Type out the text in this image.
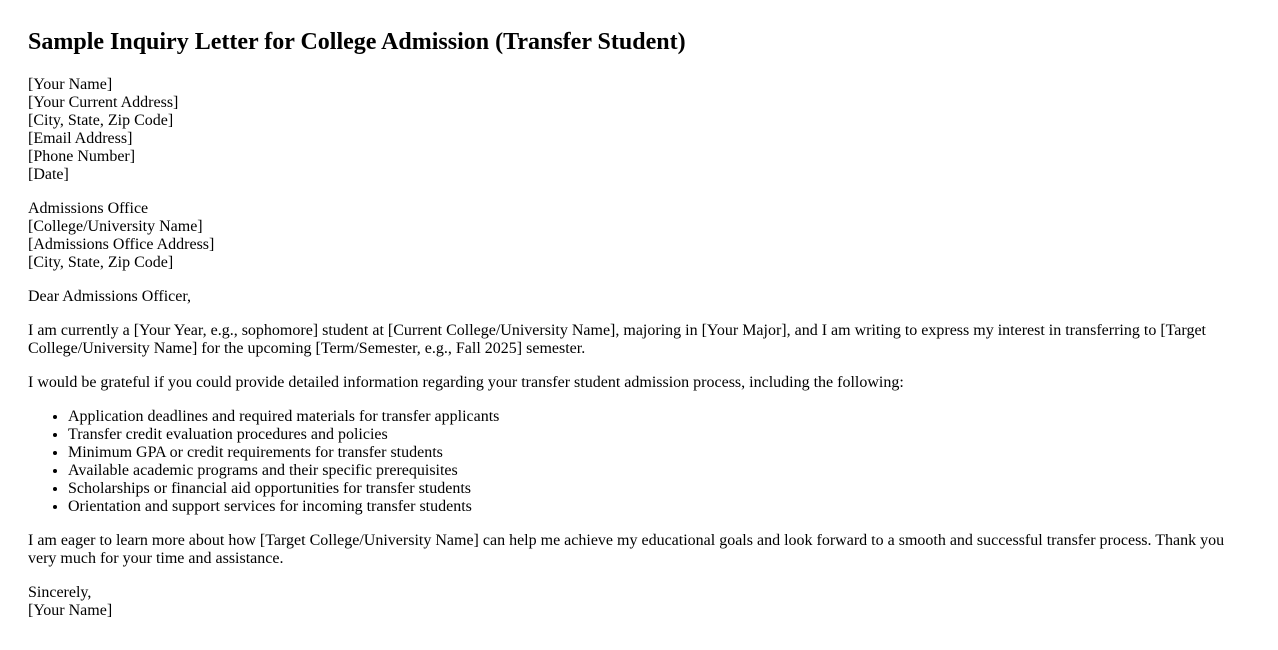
Sample Inquiry Letter for College Admission (Transfer Student)
[Your Name]
[Your Current Address]
[City, State, Zip Code]
[Email Address]
[Phone Number]
[Date]
Admissions Office
[College/University Name]
[Admissions Office Address]
[City, State, Zip Code]

Dear Admissions Officer,

I am currently a [Your Year, e.g., sophomore] student at [Current College/University Name], majoring in [Your Major], and I am writing to express my interest in transferring to [Target College/University Name] for the upcoming [Term/Semester, e.g., Fall 2025] semester.

I would be grateful if you could provide detailed information regarding your transfer student admission process, including the following:

• Application deadlines and required materials for transfer applicants
• Transfer credit evaluation procedures and policies
• Minimum GPA or credit requirements for transfer students
• Available academic programs and their specific prerequisites
• Scholarships or financial aid opportunities for transfer students
• Orientation and support services for incoming transfer students

I am eager to learn more about how [Target College/University Name] can help me achieve my educational goals and look forward to a smooth and successful transfer process. Thank you very much for your time and assistance.

Sincerely,
[Your Name]
